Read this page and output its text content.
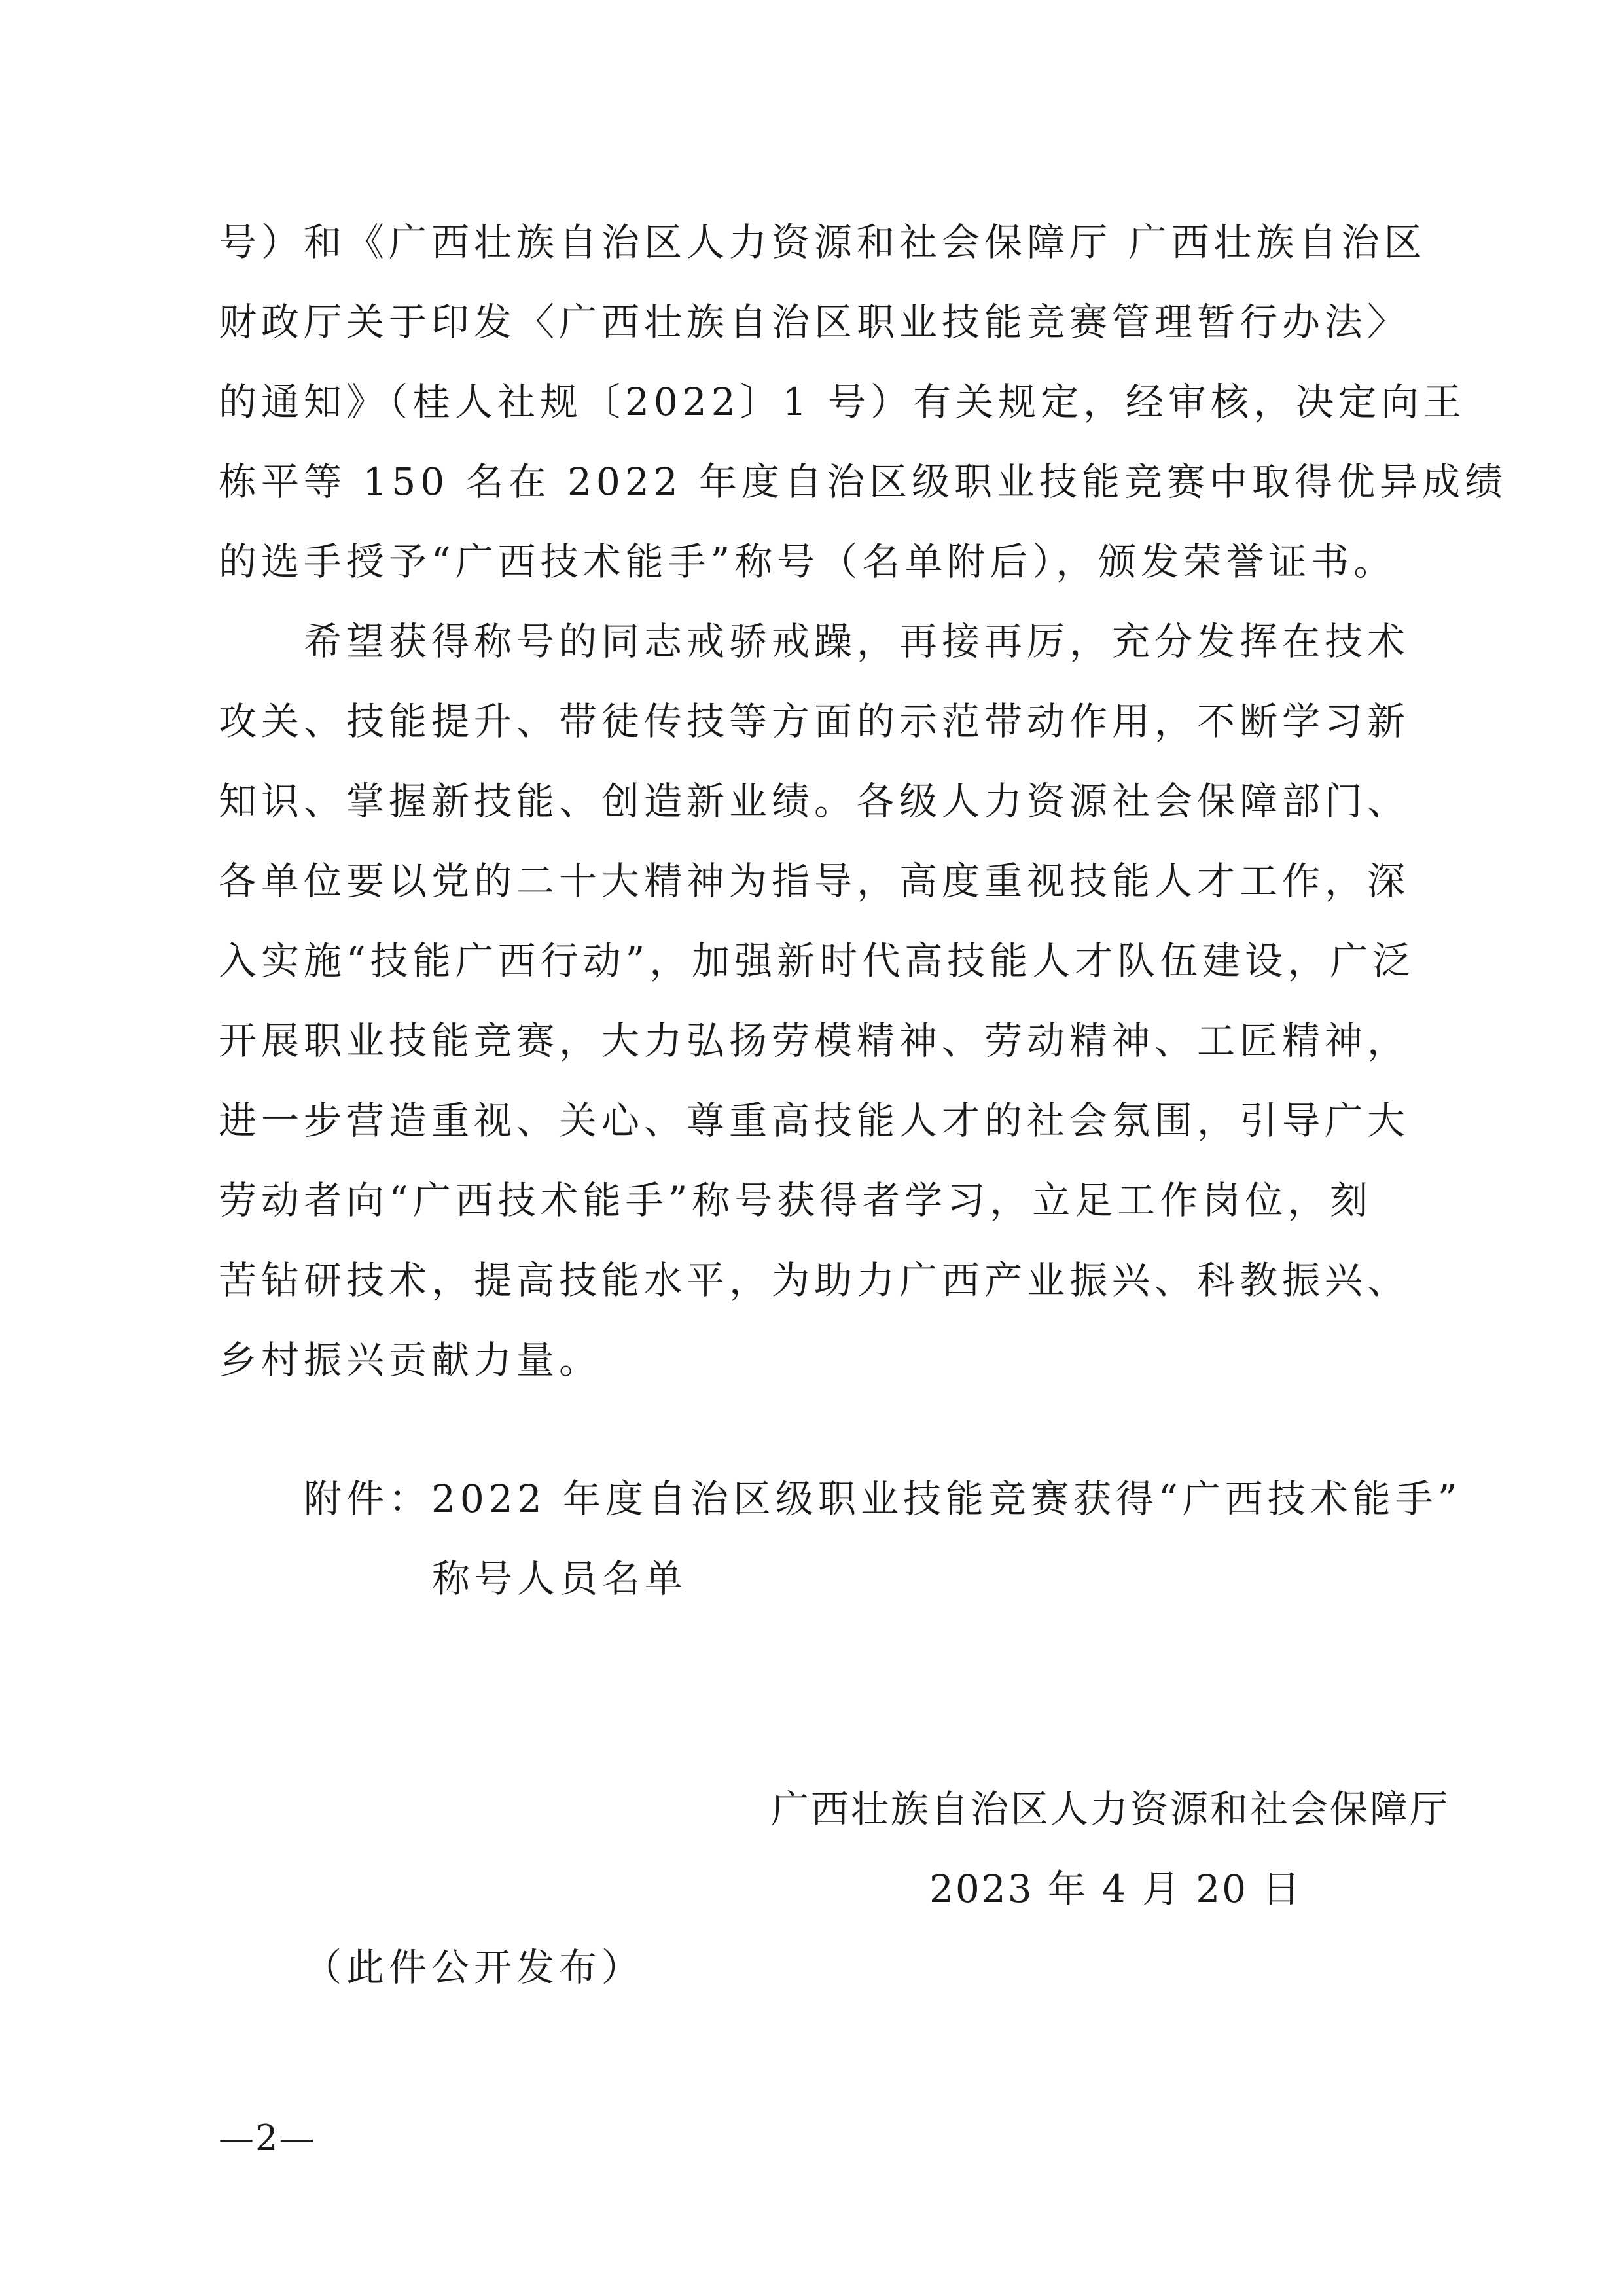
号）和《广西壮族自治区人力资源和社会保障厅 广西壮族自治区
财政厅关于印发〈广西壮族自治区职业技能竞赛管理暂行办法〉
的通知》（桂人社规〔2022〕1 号）有关规定，经审核，决定向王
栋平等 150 名在 2022 年度自治区级职业技能竞赛中取得优异成绩
的选手授予“广西技术能手”称号（名单附后），颁发荣誉证书。
希望获得称号的同志戒骄戒躁，再接再厉，充分发挥在技术
攻关、技能提升、带徒传技等方面的示范带动作用，不断学习新
知识、掌握新技能、创造新业绩。各级人力资源社会保障部门、
各单位要以党的二十大精神为指导，高度重视技能人才工作，深
入实施“技能广西行动”，加强新时代高技能人才队伍建设，广泛
开展职业技能竞赛，大力弘扬劳模精神、劳动精神、工匠精神，
进一步营造重视、关心、尊重高技能人才的社会氛围，引导广大
劳动者向“广西技术能手”称号获得者学习，立足工作岗位，刻
苦钻研技术，提高技能水平，为助力广西产业振兴、科教振兴、
乡村振兴贡献力量。
附件：2022 年度自治区级职业技能竞赛获得“广西技术能手”
称号人员名单
广西壮族自治区人力资源和社会保障厅
2023 年 4 月 20 日
（此件公开发布）
—2—
